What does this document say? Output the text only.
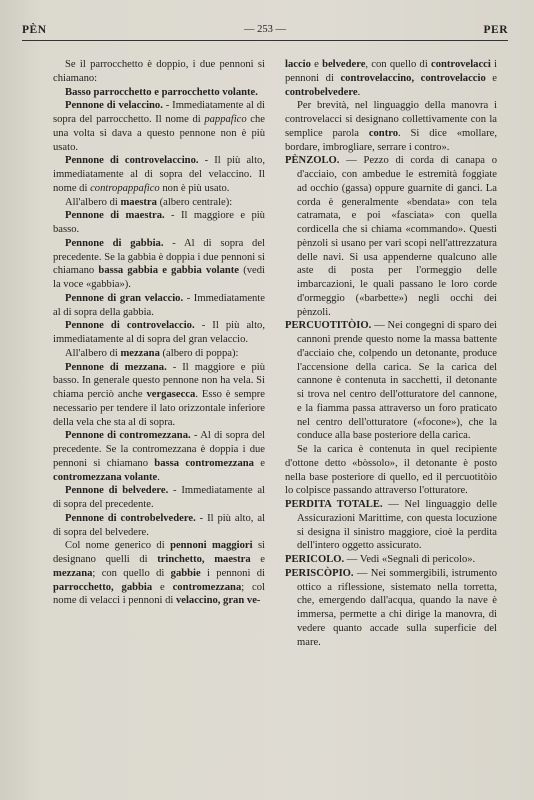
PÈN	— 253 —	PER

Se il parrocchetto è doppio, i due pennoni si chiamano:

Basso parrocchetto e parrocchetto volante.

Pennone di velaccino. - Immediatamente al di sopra del parrocchetto. Il nome di pappafico che una volta si dava a questo pennone non è più usato.

Pennone di controvelaccino. - Il più alto, immediatamente al di sopra del velaccino. Il nome di contropappafico non è più usato.

All'albero di maestra (albero centrale):

Pennone di maestra. - Il maggiore e più basso.

Pennone di gabbia. - Al di sopra del precedente. Se la gabbia è doppia i due pennoni si chiamano bassa gabbia e gabbia volante (vedi la voce «gabbia»).

Pennone di gran velaccio. - Immediatamente al di sopra della gabbia.

Pennone di controvelaccio. - Il più alto, immediatamente al di sopra del gran velaccio.

All'albero di mezzana (albero di poppa):

Pennone di mezzana. - Il maggiore e più basso. In generale questo pennone non ha vela. Si chiama perciò anche vergasecca. Esso è sempre necessario per tendere il lato orizzontale inferiore della vela che sta al di sopra.

Pennone di contromezzana. - Al di sopra del precedente. Se la contromezzana è doppia i due pennoni si chiamano bassa contromezzana e contromezzana volante.

Pennone di belvedere. - Immediatamente al di sopra del precedente.

Pennone di controbelvedere. - Il più alto, al di sopra del belvedere.

Col nome generico di pennoni maggiori si designano quelli di trinchetto, maestra e mezzana; con quello di gabbie i pennoni di parrocchetto, gabbia e contromezzana; col nome di velacci i pennoni di velaccino, gran ve-

laccio e belvedere, con quello di controvelacci i pennoni di controvelaccino, controvelaccio e controbelvedere.

Per brevità, nel linguaggio della manovra i controvelacci si designano collettivamente con la semplice parola contro. Si dice «mollare, bordare, imbrogliare, serrare i contro».

PÈNZOLO. — Pezzo di corda di canapa o d'acciaio, con ambedue le estremità foggiate ad occhio (gassa) oppure guarnite di ganci. La corda è generalmente «bendata» con tela catramata, e poi «fasciata» con quella cordicella che si chiama «commando». Questi pènzoli si usano per vari scopi nell'attrezzatura delle navi. Si usa appenderne qualcuno alle aste di posta per l'ormeggio delle imbarcazioni, le quali passano le loro corde d'ormeggio («barbette») negli occhi dei pènzoli.

PERCUOTITÒIO. — Nei congegni di sparo dei cannoni prende questo nome la massa battente d'acciaio che, colpendo un detonante, produce l'accensione della carica. Se la carica del cannone è contenuta in sacchetti, il detonante si trova nel centro dell'otturatore del cannone, e la fiamma passa attraverso un foro praticato nel centro dell'otturatore («focone»), che la conduce alla base posteriore della carica.

Se la carica è contenuta in quel recipiente d'ottone detto «bòssolo», il detonante è posto nella base posteriore di quello, ed il percuotitòio lo colpisce passando attraverso l'otturatore.

PERDITA TOTALE. — Nel linguaggio delle Assicurazioni Marittime, con questa locuzione si designa il sinistro maggiore, cioè la perdita dell'intero oggetto assicurato.

PERICOLO. — Vedi «Segnali di pericolo».

PERISCÒPIO. — Nei sommergibili, istrumento ottico a riflessione, sistemato nella torretta, che, emergendo dall'acqua, quando la nave è immersa, permette a chi dirige la manovra, di vedere quanto accade sulla superficie del mare.
